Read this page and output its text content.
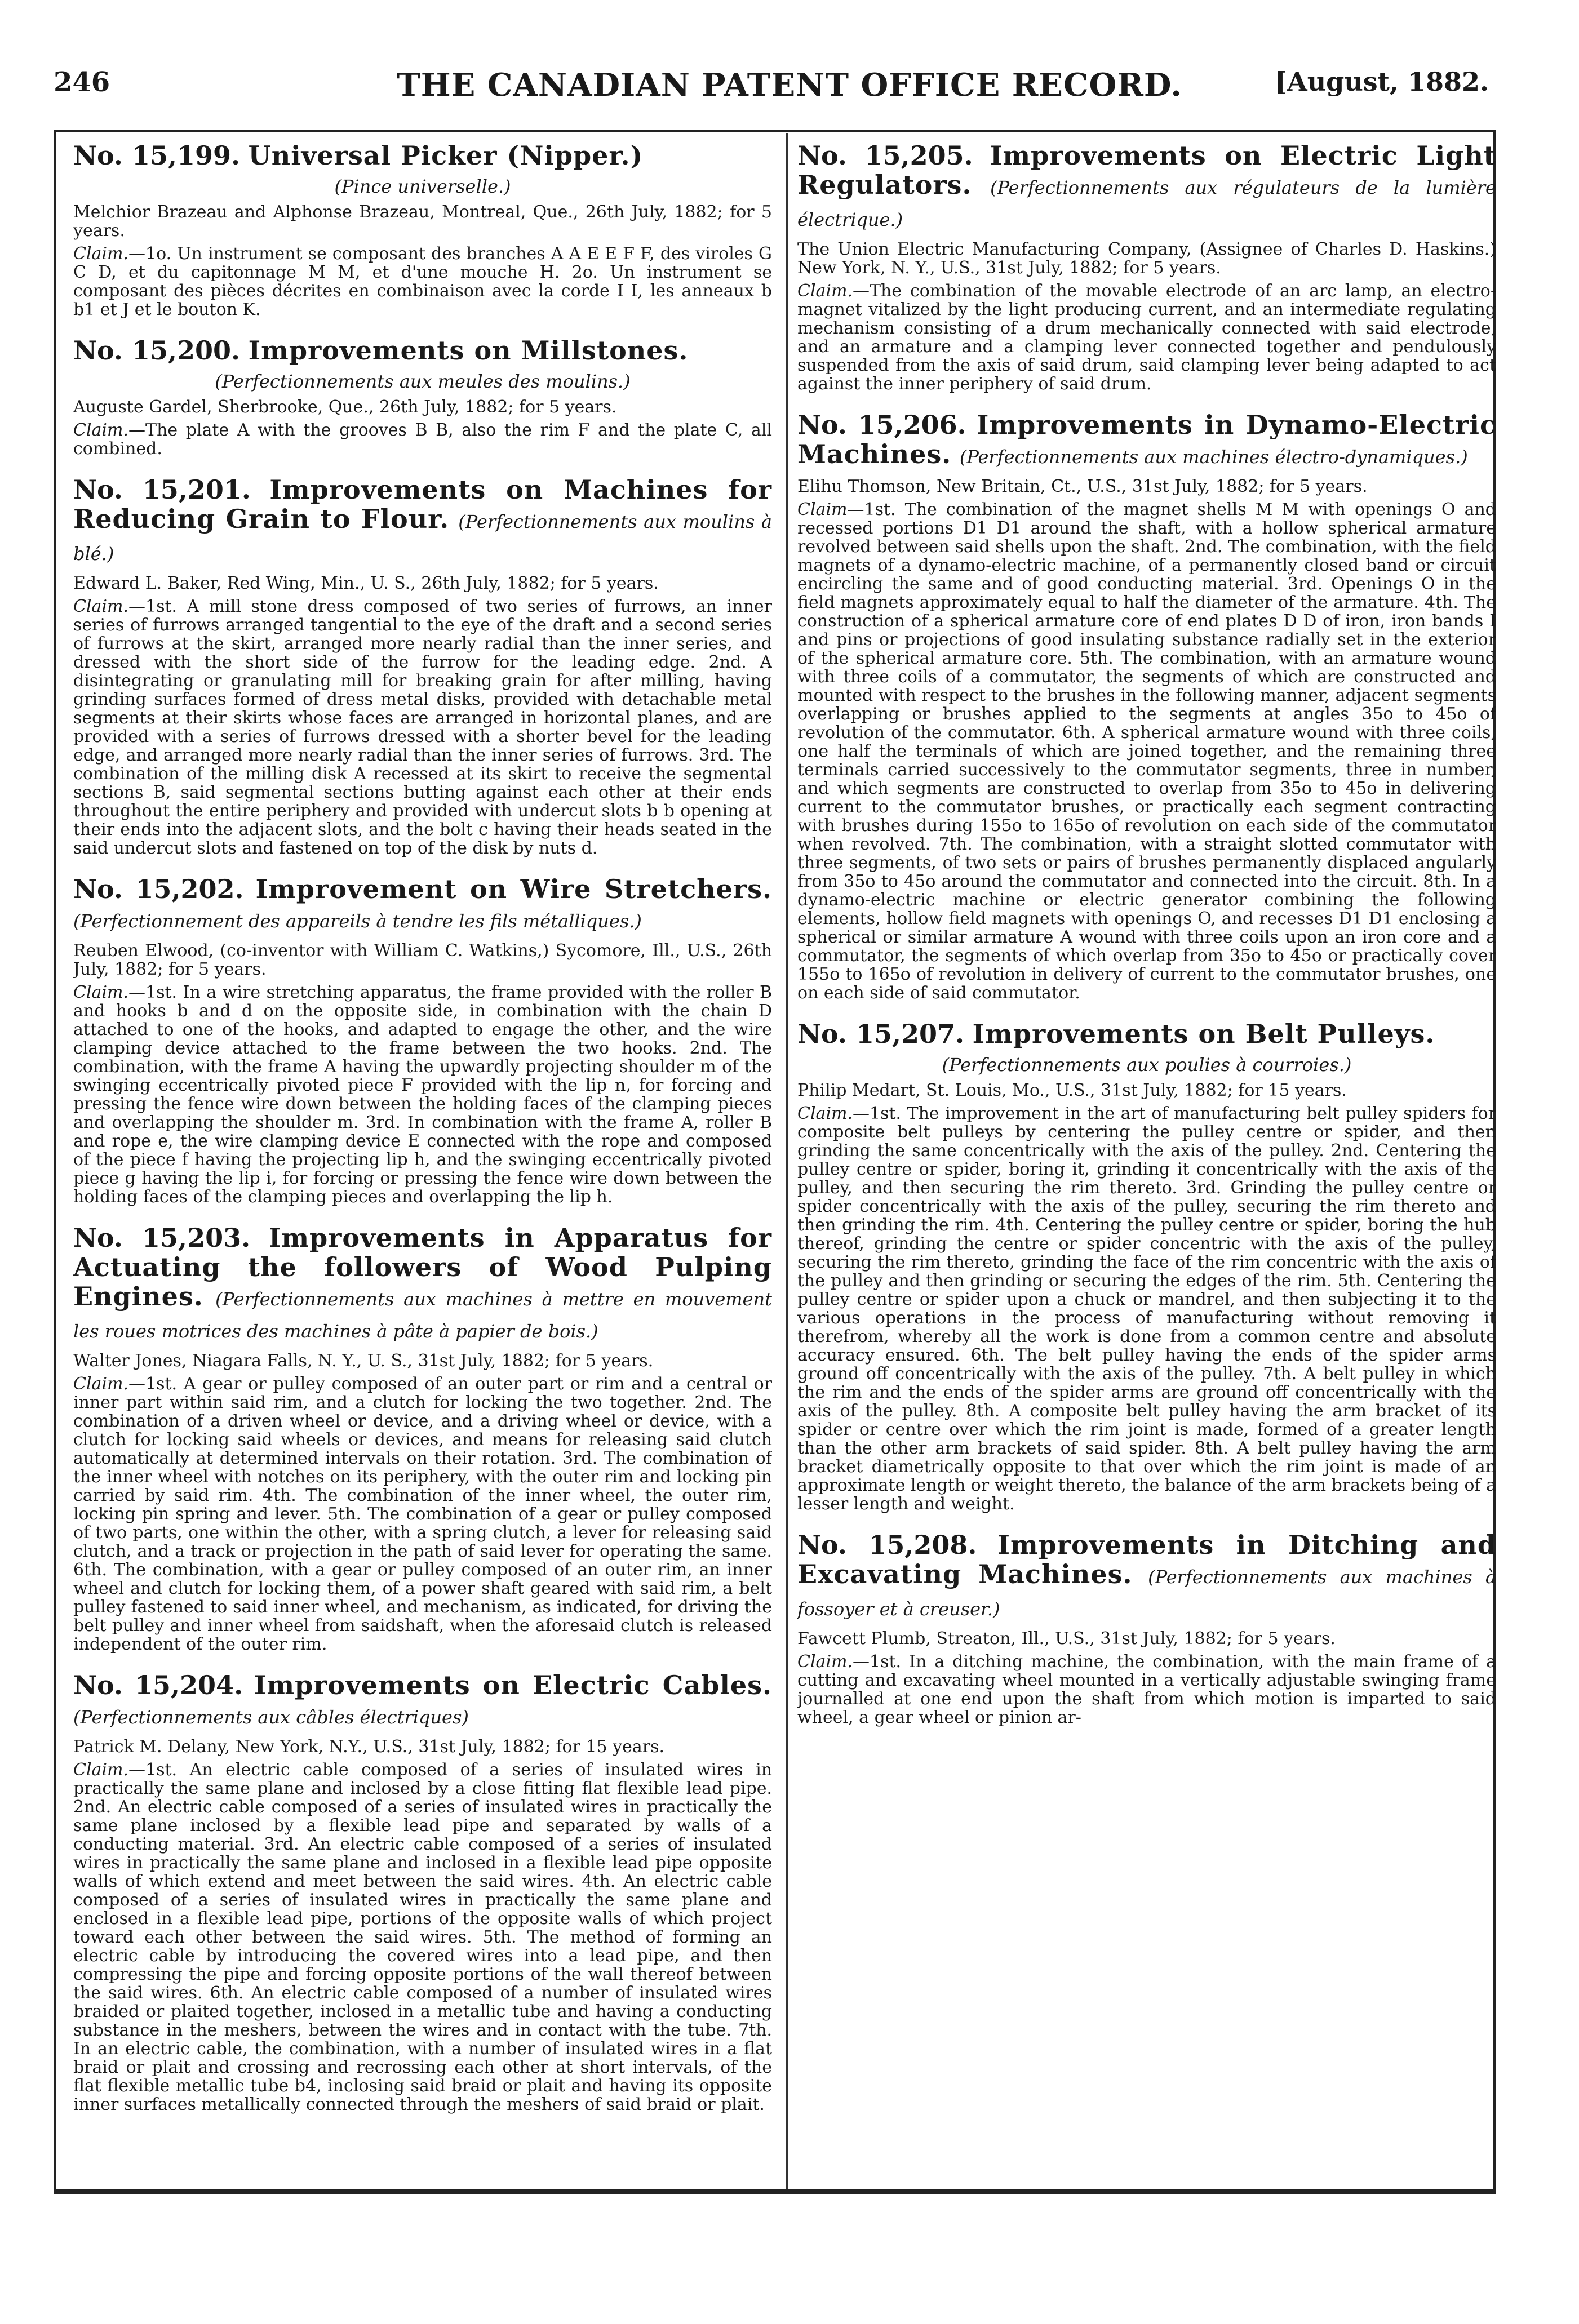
246	THE CANADIAN PATENT OFFICE RECORD.	[August, 1882.

No. 15,199. Universal Picker (Nipper.)

(Pince universelle.)

Melchior Brazeau and Alphonse Brazeau, Montreal, Que., 26th July, 1882; for 5 years.

Claim.—1o. Un instrument se composant des branches A A E E F F, des viroles G C D, et du capitonnage M M, et d'une mouche H. 2o. Un instrument se composant des pièces décrites en combinaison avec la corde I I, les anneaux b b1 et J et le bouton K.

No. 15,200. Improvements on Millstones.

(Perfectionnements aux meules des moulins.)

Auguste Gardel, Sherbrooke, Que., 26th July, 1882; for 5 years.

Claim.—The plate A with the grooves B B, also the rim F and the plate C, all combined.

No. 15,201. Improvements on Machines for Reducing Grain to Flour. (Perfectionnements aux moulins à blé.)

Edward L. Baker, Red Wing, Min., U. S., 26th July, 1882; for 5 years.

Claim.—1st. A mill stone dress composed of two series of furrows, an inner series of furrows arranged tangential to the eye of the draft and a second series of furrows at the skirt, arranged more nearly radial than the inner series, and dressed with the short side of the furrow for the leading edge. 2nd. A disintegrating or granulating mill for breaking grain for after milling, having grinding surfaces formed of dress metal disks, provided with detachable metal segments at their skirts whose faces are arranged in horizontal planes, and are provided with a series of furrows dressed with a shorter bevel for the leading edge, and arranged more nearly radial than the inner series of furrows. 3rd. The combination of the milling disk A recessed at its skirt to receive the segmental sections B, said segmental sections butting against each other at their ends throughout the entire periphery and provided with undercut slots b b opening at their ends into the adjacent slots, and the bolt c having their heads seated in the said undercut slots and fastened on top of the disk by nuts d.

No. 15,202. Improvement on Wire Stretchers. (Perfectionnement des appareils à tendre les fils métalliques.)

Reuben Elwood, (co-inventor with William C. Watkins,) Sycomore, Ill., U.S., 26th July, 1882; for 5 years.

Claim.—1st. In a wire stretching apparatus, the frame provided with the roller B and hooks b and d on the opposite side, in combination with the chain D attached to one of the hooks, and adapted to engage the other, and the wire clamping device attached to the frame between the two hooks. 2nd. The combination, with the frame A having the upwardly projecting shoulder m of the swinging eccentrically pivoted piece F provided with the lip n, for forcing and pressing the fence wire down between the holding faces of the clamping pieces and overlapping the shoulder m. 3rd. In combination with the frame A, roller B and rope e, the wire clamping device E connected with the rope and composed of the piece f having the projecting lip h, and the swinging eccentrically pivoted piece g having the lip i, for forcing or pressing the fence wire down between the holding faces of the clamping pieces and overlapping the lip h.

No. 15,203. Improvements in Apparatus for Actuating the followers of Wood Pulping Engines. (Perfectionnements aux machines à mettre en mouvement les roues motrices des machines à pâte à papier de bois.)

Walter Jones, Niagara Falls, N. Y., U. S., 31st July, 1882; for 5 years.

Claim.—1st. A gear or pulley composed of an outer part or rim and a central or inner part within said rim, and a clutch for locking the two together. 2nd. The combination of a driven wheel or device, and a driving wheel or device, with a clutch for locking said wheels or devices, and means for releasing said clutch automatically at determined intervals on their rotation. 3rd. The combination of the inner wheel with notches on its periphery, with the outer rim and locking pin carried by said rim. 4th. The combination of the inner wheel, the outer rim, locking pin spring and lever. 5th. The combination of a gear or pulley composed of two parts, one within the other, with a spring clutch, a lever for releasing said clutch, and a track or projection in the path of said lever for operating the same. 6th. The combination, with a gear or pulley composed of an outer rim, an inner wheel and clutch for locking them, of a power shaft geared with said rim, a belt pulley fastened to said inner wheel, and mechanism, as indicated, for driving the belt pulley and inner wheel from saidshaft, when the aforesaid clutch is released independent of the outer rim.

No. 15,204. Improvements on Electric Cables. (Perfectionnements aux câbles électriques)

Patrick M. Delany, New York, N.Y., U.S., 31st July, 1882; for 15 years.

Claim.—1st. An electric cable composed of a series of insulated wires in practically the same plane and inclosed by a close fitting flat flexible lead pipe. 2nd. An electric cable composed of a series of insulated wires in practically the same plane inclosed by a flexible lead pipe and separated by walls of a conducting material. 3rd. An electric cable composed of a series of insulated wires in practically the same plane and inclosed in a flexible lead pipe opposite walls of which extend and meet between the said wires. 4th. An electric cable composed of a series of insulated wires in practically the same plane and enclosed in a flexible lead pipe, portions of the opposite walls of which project toward each other between the said wires. 5th. The method of forming an electric cable by introducing the covered wires into a lead pipe, and then compressing the pipe and forcing opposite portions of the wall thereof between the said wires. 6th. An electric cable composed of a number of insulated wires braided or plaited together, inclosed in a metallic tube and having a conducting substance in the meshers, between the wires and in contact with the tube. 7th. In an electric cable, the combination, with a number of insulated wires in a flat braid or plait and crossing and recrossing each other at short intervals, of the flat flexible metallic tube b4, inclosing said braid or plait and having its opposite inner surfaces metallically connected through the meshers of said braid or plait.

No. 15,205. Improvements on Electric Light Regulators. (Perfectionnements aux régulateurs de la lumière électrique.)

The Union Electric Manufacturing Company, (Assignee of Charles D. Haskins.) New York, N. Y., U.S., 31st July, 1882; for 5 years.

Claim.—The combination of the movable electrode of an arc lamp, an electro-magnet vitalized by the light producing current, and an intermediate regulating mechanism consisting of a drum mechanically connected with said electrode, and an armature and a clamping lever connected together and pendulously suspended from the axis of said drum, said clamping lever being adapted to act against the inner periphery of said drum.

No. 15,206. Improvements in Dynamo-Electric Machines. (Perfectionnements aux machines électro-dynamiques.)

Elihu Thomson, New Britain, Ct., U.S., 31st July, 1882; for 5 years.

Claim—1st. The combination of the magnet shells M M with openings O and recessed portions D1 D1 around the shaft, with a hollow spherical armature revolved between said shells upon the shaft. 2nd. The combination, with the field magnets of a dynamo-electric machine, of a permanently closed band or circuit encircling the same and of good conducting material. 3rd. Openings O in the field magnets approximately equal to half the diameter of the armature. 4th. The construction of a spherical armature core of end plates D D of iron, iron bands I and pins or projections of good insulating substance radially set in the exterior of the spherical armature core. 5th. The combination, with an armature wound with three coils of a commutator, the segments of which are constructed and mounted with respect to the brushes in the following manner, adjacent segments overlapping or brushes applied to the segments at angles 35o to 45o of revolution of the commutator. 6th. A spherical armature wound with three coils, one half the terminals of which are joined together, and the remaining three terminals carried successively to the commutator segments, three in number, and which segments are constructed to overlap from 35o to 45o in delivering current to the commutator brushes, or practically each segment contracting with brushes during 155o to 165o of revolution on each side of the commutator when revolved. 7th. The combination, with a straight slotted commutator with three segments, of two sets or pairs of brushes permanently displaced angularly from 35o to 45o around the commutator and connected into the circuit. 8th. In a dynamo-electric machine or electric generator combining the following elements, hollow field magnets with openings O, and recesses D1 D1 enclosing a spherical or similar armature A wound with three coils upon an iron core and a commutator, the segments of which overlap from 35o to 45o or practically cover 155o to 165o of revolution in delivery of current to the commutator brushes, one on each side of said commutator.

No. 15,207. Improvements on Belt Pulleys.

(Perfectionnements aux poulies à courroies.)

Philip Medart, St. Louis, Mo., U.S., 31st July, 1882; for 15 years.

Claim.—1st. The improvement in the art of manufacturing belt pulley spiders for composite belt pulleys by centering the pulley centre or spider, and then grinding the same concentrically with the axis of the pulley. 2nd. Centering the pulley centre or spider, boring it, grinding it concentrically with the axis of the pulley, and then securing the rim thereto. 3rd. Grinding the pulley centre or spider concentrically with the axis of the pulley, securing the rim thereto and then grinding the rim. 4th. Centering the pulley centre or spider, boring the hub thereof, grinding the centre or spider concentric with the axis of the pulley, securing the rim thereto, grinding the face of the rim concentric with the axis of the pulley and then grinding or securing the edges of the rim. 5th. Centering the pulley centre or spider upon a chuck or mandrel, and then subjecting it to the various operations in the process of manufacturing without removing it therefrom, whereby all the work is done from a common centre and absolute accuracy ensured. 6th. The belt pulley having the ends of the spider arms ground off concentrically with the axis of the pulley. 7th. A belt pulley in which the rim and the ends of the spider arms are ground off concentrically with the axis of the pulley. 8th. A composite belt pulley having the arm bracket of its spider or centre over which the rim joint is made, formed of a greater length than the other arm brackets of said spider. 8th. A belt pulley having the arm bracket diametrically opposite to that over which the rim joint is made of an approximate length or weight thereto, the balance of the arm brackets being of a lesser length and weight.

No. 15,208. Improvements in Ditching and Excavating Machines. (Perfectionnements aux machines à fossoyer et à creuser.)

Fawcett Plumb, Streaton, Ill., U.S., 31st July, 1882; for 5 years.

Claim.—1st. In a ditching machine, the combination, with the main frame of a cutting and excavating wheel mounted in a vertically adjustable swinging frame journalled at one end upon the shaft from which motion is imparted to said wheel, a gear wheel or pinion ar-
